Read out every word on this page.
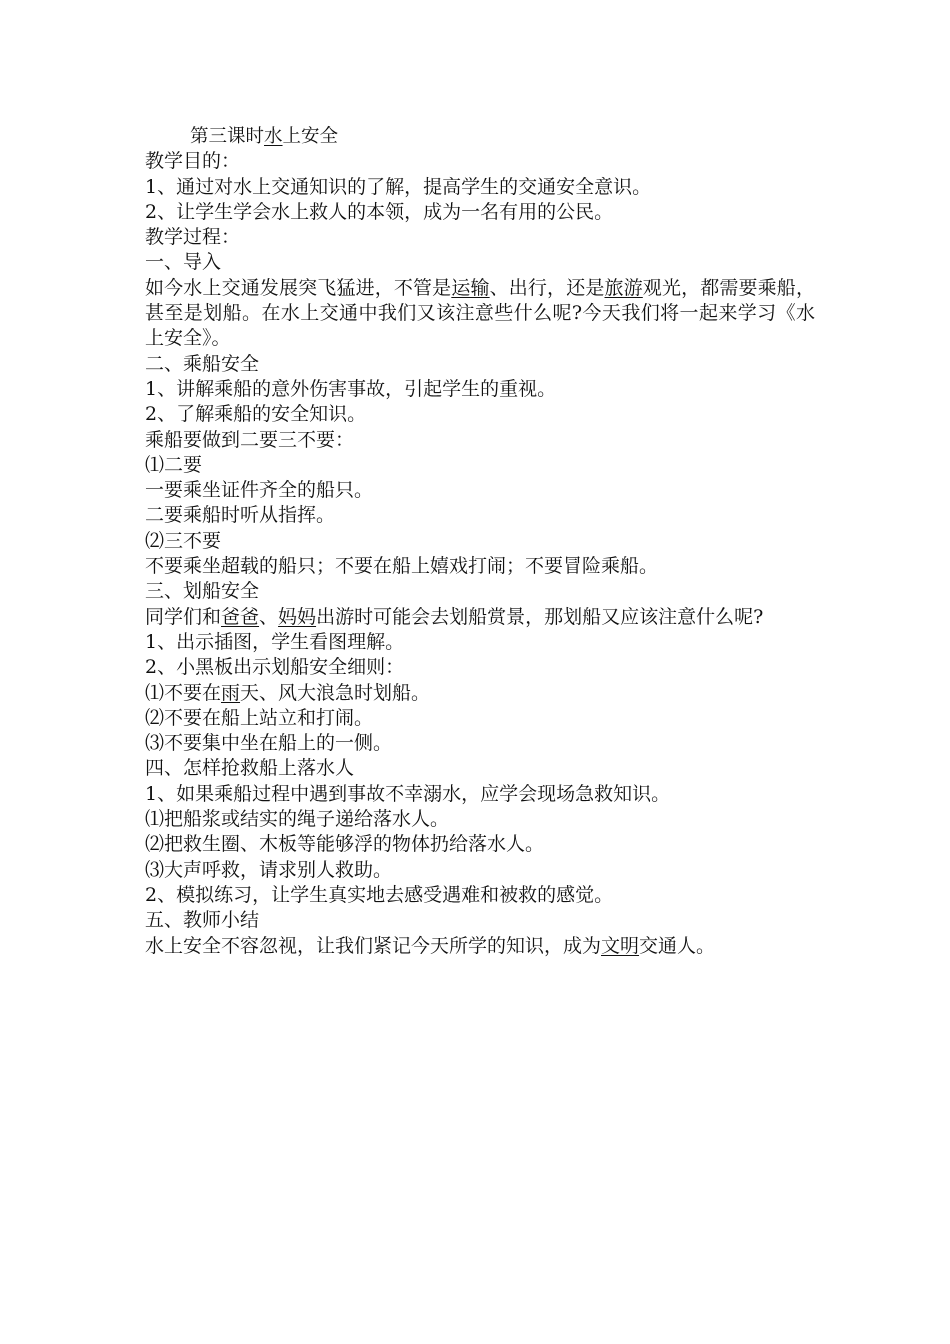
第三课时水上安全
教学目的：
1、通过对水上交通知识的了解，提高学生的交通安全意识。
2、让学生学会水上救人的本领，成为一名有用的公民。
教学过程：
一、导入
如今水上交通发展突飞猛进，不管是运输、出行，还是旅游观光，都需要乘船，甚至是划船。在水上交通中我们又该注意些什么呢?今天我们将一起来学习《水上安全》。
二、乘船安全
1、讲解乘船的意外伤害事故，引起学生的重视。
2、了解乘船的安全知识。
乘船要做到二要三不要：
⑴二要
一要乘坐证件齐全的船只。
二要乘船时听从指挥。
⑵三不要
不要乘坐超载的船只；不要在船上嬉戏打闹；不要冒险乘船。
三、划船安全
同学们和爸爸、妈妈出游时可能会去划船赏景，那划船又应该注意什么呢?
1、出示插图，学生看图理解。
2、小黑板出示划船安全细则：
⑴不要在雨天、风大浪急时划船。
⑵不要在船上站立和打闹。
⑶不要集中坐在船上的一侧。
四、怎样抢救船上落水人
1、如果乘船过程中遇到事故不幸溺水，应学会现场急救知识。
⑴把船浆或结实的绳子递给落水人。
⑵把救生圈、木板等能够浮的物体扔给落水人。
⑶大声呼救，请求别人救助。
2、模拟练习，让学生真实地去感受遇难和被救的感觉。
五、教师小结
水上安全不容忽视，让我们紧记今天所学的知识，成为文明交通人。
